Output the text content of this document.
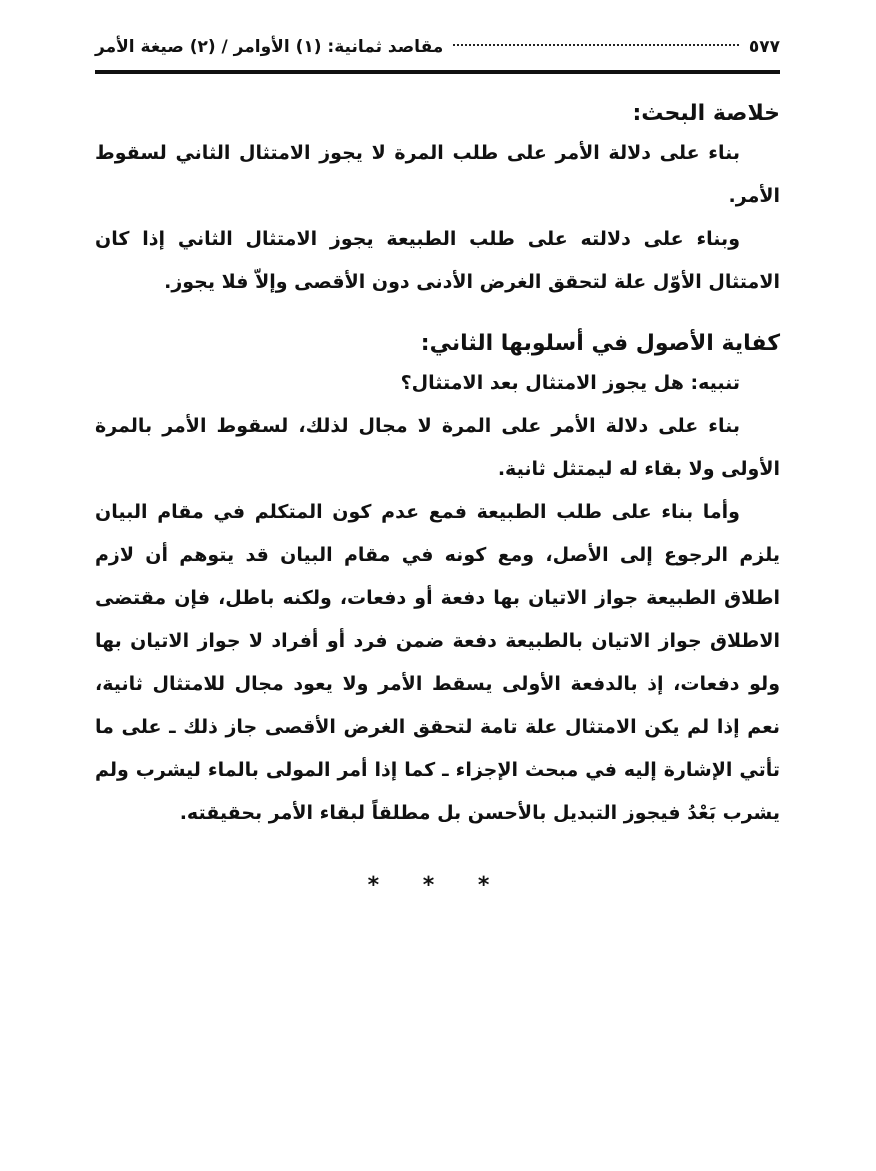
٥٧٧
مقاصد ثمانية: (١) الأوامر / (٢) صيغة الأمر
خلاصة البحث:

بناء على دلالة الأمر على طلب المرة لا يجوز الامتثال الثاني لسقوط الأمر.

وبناء على دلالته على طلب الطبيعة يجوز الامتثال الثاني إذا كان الامتثال الأوّل علة لتحقق الغرض الأدنى دون الأقصى وإلاّ فلا يجوز.

كفاية الأصول في أسلوبها الثاني:

تنبيه: هل يجوز الامتثال بعد الامتثال؟

بناء على دلالة الأمر على المرة لا مجال لذلك، لسقوط الأمر بالمرة الأولى ولا بقاء له ليمتثل ثانية.

وأما بناء على طلب الطبيعة فمع عدم كون المتكلم في مقام البيان يلزم الرجوع إلى الأصل، ومع كونه في مقام البيان قد يتوهم أن لازم اطلاق الطبيعة جواز الاتيان بها دفعة أو دفعات، ولكنه باطل، فإن مقتضى الاطلاق جواز الاتيان بالطبيعة دفعة ضمن فرد أو أفراد لا جواز الاتيان بها ولو دفعات، إذ بالدفعة الأولى يسقط الأمر ولا يعود مجال للامتثال ثانية، نعم إذا لم يكن الامتثال علة تامة لتحقق الغرض الأقصى جاز ذلك ـ على ما تأتي الإشارة إليه في مبحث الإجزاء ـ كما إذا أمر المولى بالماء ليشرب ولم يشرب بَعْدُ فيجوز التبديل بالأحسن بل مطلقاً لبقاء الأمر بحقيقته.

* * *
